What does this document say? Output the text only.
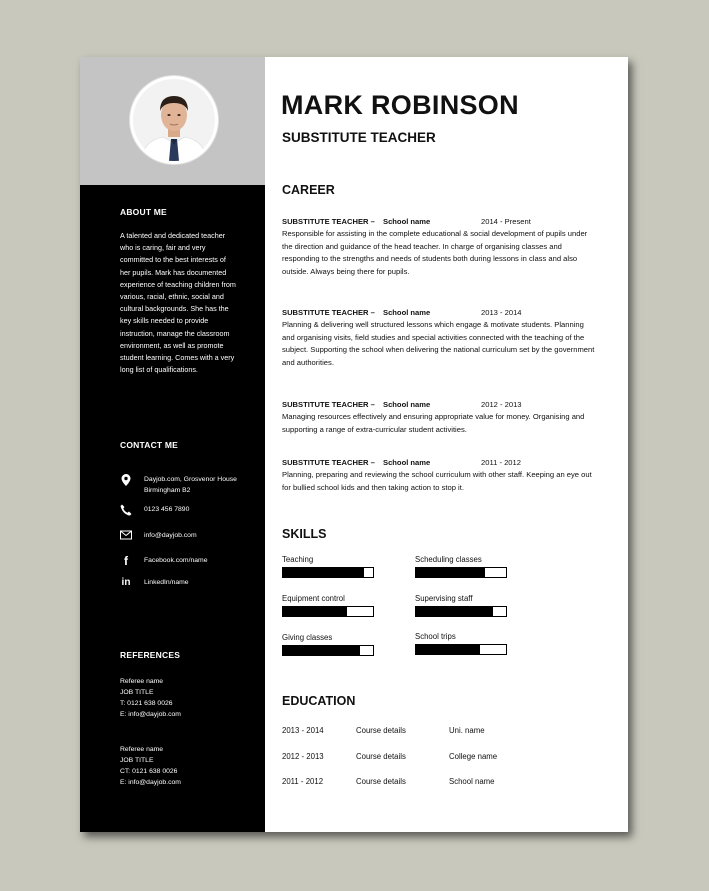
ABOUT ME
A talented and dedicated teacher who is caring, fair and very committed to the best interests of her pupils. Mark has documented experience of teaching children from various, racial, ethnic, social and cultural backgrounds. She has the key skills needed to provide instruction, manage the classroom environment, as well as promote student learning. Comes with a very long list of qualifications.
CONTACT ME
Dayjob.com, Grosvenor House Birmingham B2
0123 456 7890
info@dayjob.com
f	Facebook.com/name
in LinkedIn/name
REFERENCES
Referee name
JOB TITLE
T: 0121 638 0026
E: info@dayjob.com
Referee name
JOB TITLE
CT: 0121 638 0026
E: info@dayjob.com
MARK ROBINSON
SUBSTITUTE TEACHER
CAREER
SUBSTITUTE TEACHER – School name	2014 - Present
Responsible for assisting in the complete educational & social development of pupils under the direction and guidance of the head teacher. In charge of organising classes and responding to the strengths and needs of students both during lessons in class and also outside. Always being there for pupils.
SUBSTITUTE TEACHER – School name	2013 - 2014
Planning & delivering well structured lessons which engage & motivate students. Planning and organising visits, field studies and special activities connected with the teaching of the subject. Supporting the school when delivering the national curriculum set by the government and authorities.
SUBSTITUTE TEACHER – School name	2012 - 2013
Managing resources effectively and ensuring appropriate value for money. Organising and supporting a range of extra-curricular student activities.
SUBSTITUTE TEACHER – School name	2011 - 2012
Planning, preparing and reviewing the school curriculum with other staff. Keeping an eye out for bullied school kids and then taking action to stop it.
SKILLS
Teaching	Scheduling classes
Equipment control	Supervising staff
Giving classes	School trips
EDUCATION
2013 - 2014	Course details	Uni. name
2012 - 2013	Course details	College name
2011 - 2012	Course details	School name
